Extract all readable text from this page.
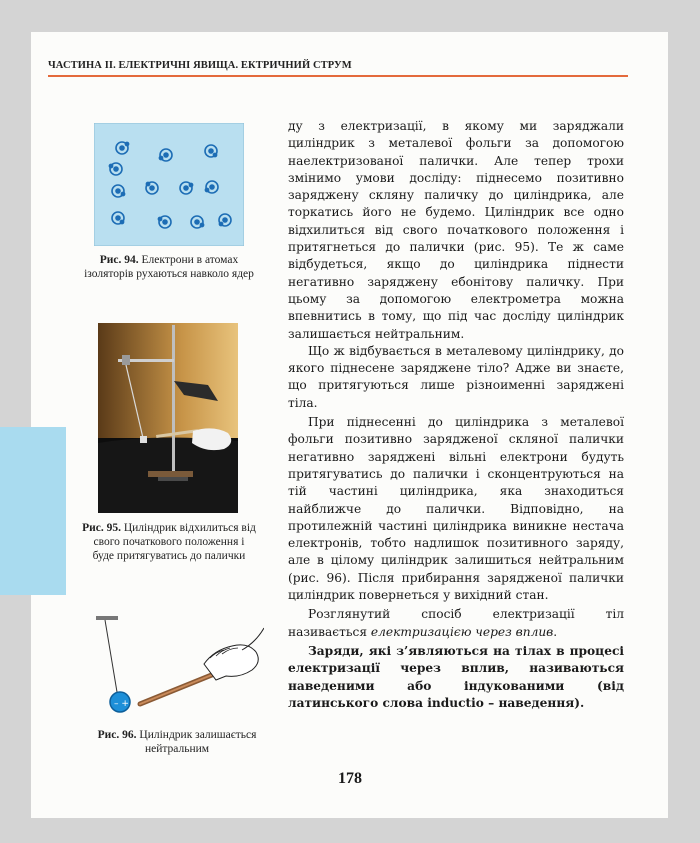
ЧАСТИНА II. ЕЛЕКТРИЧНІ ЯВИЩА. ЕКТРИЧНИЙ СТРУМ
Рис. 94. Електрони в атомах ізоляторів рухаються навколо ядер
Рис. 95. Циліндрик відхилиться від свого початкового положення і буде притягуватись до палички
– +
Рис. 96. Циліндрик залишається нейтральним

ду з електризації, в якому ми заряджали циліндрик з металевої фольги за допомогою наелектризованої палички. Але тепер трохи змінимо умови досліду: піднесемо позитивно заряджену скляну паличку до циліндрика, але торкатись його не будемо. Циліндрик все одно відхилиться від свого початкового положення і притягнеться до палички (рис. 95). Те ж саме відбудеться, якщо до циліндрика піднести негативно заряджену ебонітову паличку. При цьому за допомогою електрометра можна впевнитись в тому, що під час досліду циліндрик залишається нейтральним.

Що ж відбувається в металевому циліндрику, до якого піднесене заряджене тіло? Адже ви знаєте, що притягуються лише різноименні заряджені тіла.

При піднесенні до циліндрика з металевої фольги позитивно зарядженої скляної палички негативно заряджені вільні електрони будуть притягуватись до палички і сконцентруються на тій частині циліндрика, яка знаходиться найближче до палички. Відповідно, на протилежній частині циліндрика виникне нестача електронів, тобто надлишок позитивного заряду, але в цілому циліндрик залишиться нейтральним (рис. 96). Після прибирання зарядженої палички циліндрик повернеться у вихідний стан.

Розглянутий спосіб електризації тіл називається електризацією через вплив.

Заряди, які з’являються на тілах в процесі електризації через вплив, називаються наведеними або індукованими (від латинського слова inductio – наведення).

178
